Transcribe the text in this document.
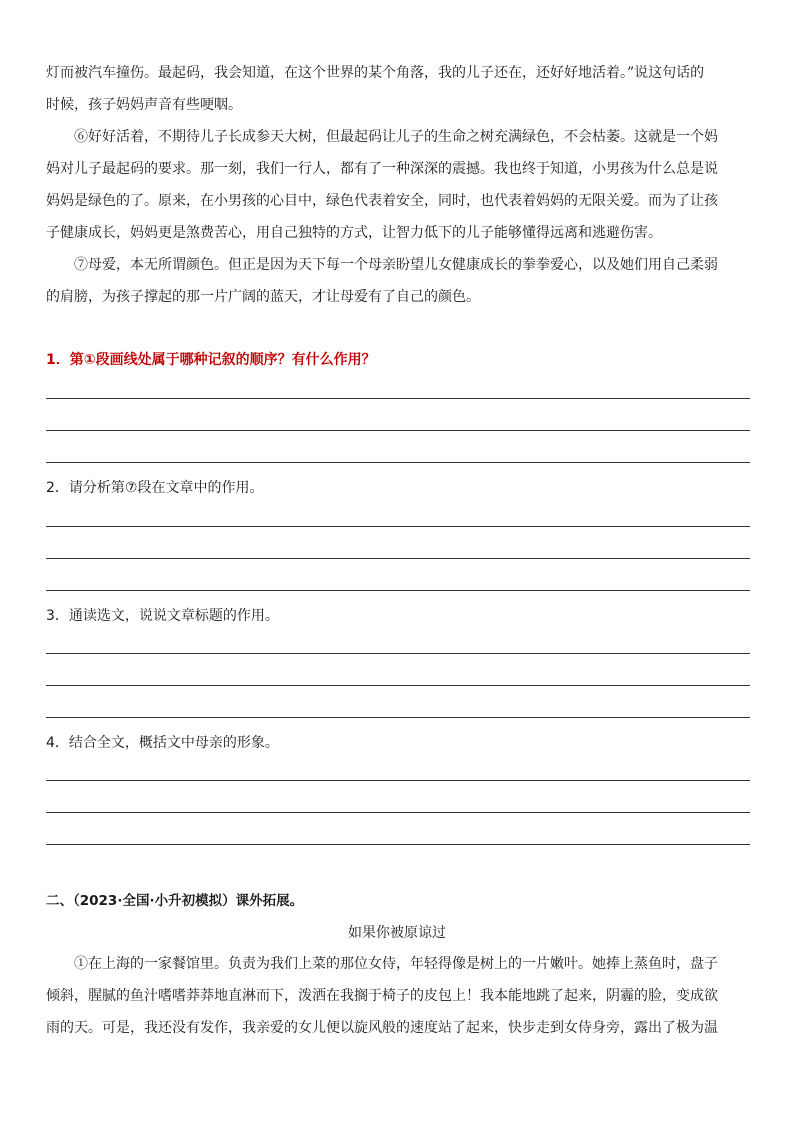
灯而被汽车撞伤。最起码，我会知道，在这个世界的某个角落，我的儿子还在，还好好地活着。”说这句话的
时候，孩子妈妈声音有些哽咽。
⑥好好活着，不期待儿子长成参天大树，但最起码让儿子的生命之树充满绿色，不会枯萎。这就是一个妈
妈对儿子最起码的要求。那一刻，我们一行人，都有了一种深深的震撼。我也终于知道，小男孩为什么总是说
妈妈是绿色的了。原来，在小男孩的心目中，绿色代表着安全，同时，也代表着妈妈的无限关爱。而为了让孩
子健康成长，妈妈更是煞费苦心，用自己独特的方式，让智力低下的儿子能够懂得远离和逃避伤害。
⑦母爱，本无所谓颜色。但正是因为天下每一个母亲盼望儿女健康成长的拳拳爱心，以及她们用自己柔弱
的肩膀，为孩子撑起的那一片广阔的蓝天，才让母爱有了自己的颜色。
1．第①段画线处属于哪种记叙的顺序？有什么作用？
2．请分析第⑦段在文章中的作用。
3．通读选文，说说文章标题的作用。
4．结合全文，概括文中母亲的形象。
二、（2023·全国·小升初模拟）课外拓展。
如果你被原谅过
①在上海的一家餐馆里。负责为我们上菜的那位女侍，年轻得像是树上的一片嫩叶。她捧上蒸鱼时，盘子
倾斜，腥腻的鱼汁嗜嗜莽莽地直淋而下，泼洒在我搁于椅子的皮包上！我本能地跳了起来，阴霾的脸，变成欲
雨的天。可是，我还没有发作，我亲爱的女儿便以旋风般的速度站了起来，快步走到女侍身旁，露出了极为温
